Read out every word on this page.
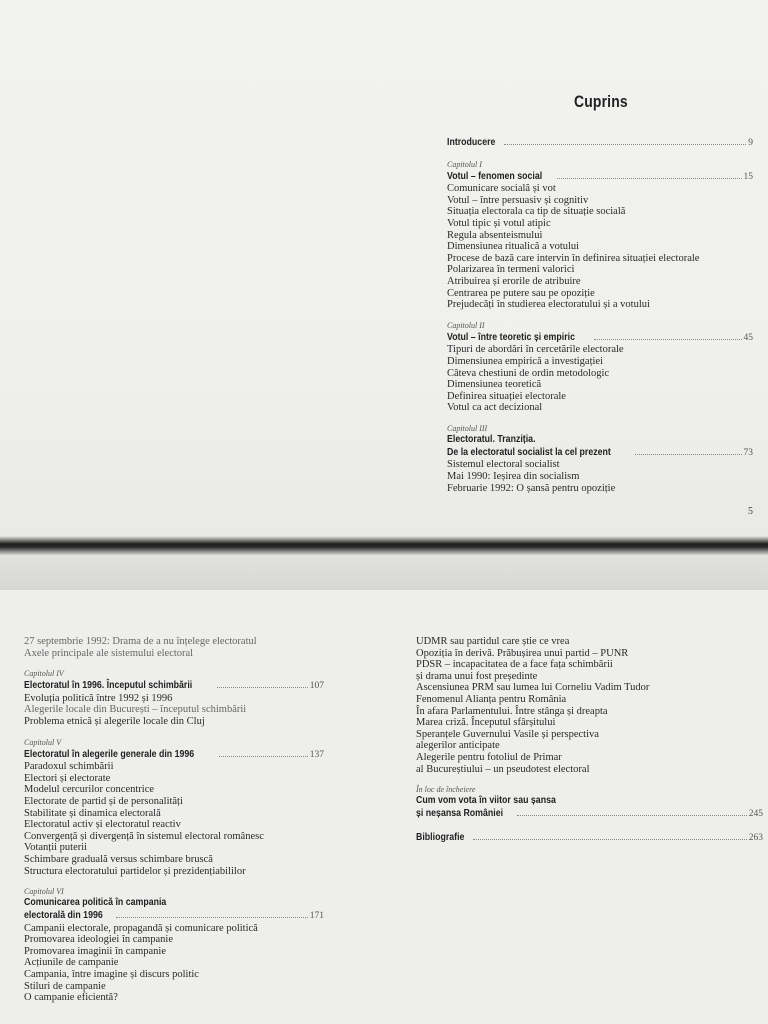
Cuprins
Introducere	9
Capitolul I
Votul – fenomen social	15
Comunicare socială și vot
Votul – între persuasiv și cognitiv
Situația electorala ca tip de situație socială
Votul tipic și votul atipic
Regula absenteismului
Dimensiunea ritualică a votului
Procese de bază care intervin în definirea situației electorale
Polarizarea în termeni valorici
Atribuirea și erorile de atribuire
Centrarea pe putere sau pe opoziție
Prejudecăți în studierea electoratului și a votului
Capitolul II
Votul – între teoretic și empiric	45
Tipuri de abordări în cercetările electorale
Dimensiunea empirică a investigației
Câteva chestiuni de ordin metodologic
Dimensiunea teoretică
Definirea situației electorale
Votul ca act decizional
Capitolul III
Electoratul. Tranziția.
De la electoratul socialist la cel prezent	73
Sistemul electoral socialist
Mai 1990: Ieșirea din socialism
Februarie 1992: O șansă pentru opoziție
5
27 septembrie 1992: Drama de a nu înțelege electoratul
Axele principale ale sistemului electoral
Capitolul IV
Electoratul în 1996. Începutul schimbării	107
Evoluția politică între 1992 și 1996
Alegerile locale din București – începutul schimbării
Problema etnică și alegerile locale din Cluj
Capitolul V
Electoratul în alegerile generale din 1996	137
Paradoxul schimbării
Electori și electorate
Modelul cercurilor concentrice
Electorate de partid și de personalități
Stabilitate și dinamica electorală
Electoratul activ și electoratul reactiv
Convergență și divergență în sistemul electoral românesc
Votanții puterii
Schimbare graduală versus schimbare bruscă
Structura electoratului partidelor și prezidențiabililor
Capitolul VI
Comunicarea politică în campania
electorală din 1996	171
Campanii electorale, propagandă și comunicare politică
Promovarea ideologiei în campanie
Promovarea imaginii în campanie
Acțiunile de campanie
Campania, între imagine și discurs politic
Stiluri de campanie
O campanie eficientă?
UDMR sau partidul care știe ce vrea
Opoziția în derivă. Prăbușirea unui partid – PUNR
PDSR – incapacitatea de a face fața schimbării
și drama unui fost președinte
Ascensiunea PRM sau lumea lui Corneliu Vadim Tudor
Fenomenul Alianța pentru România
În afara Parlamentului. Între stânga și dreapta
Marea criză. Începutul sfârșitului
Speranțele Guvernului Vasile și perspectiva
alegerilor anticipate
Alegerile pentru fotoliul de Primar
al Bucureștiului – un pseudotest electoral
În loc de încheiere
Cum vom vota în viitor sau șansa
și neșansa României	245
Bibliografie	263
